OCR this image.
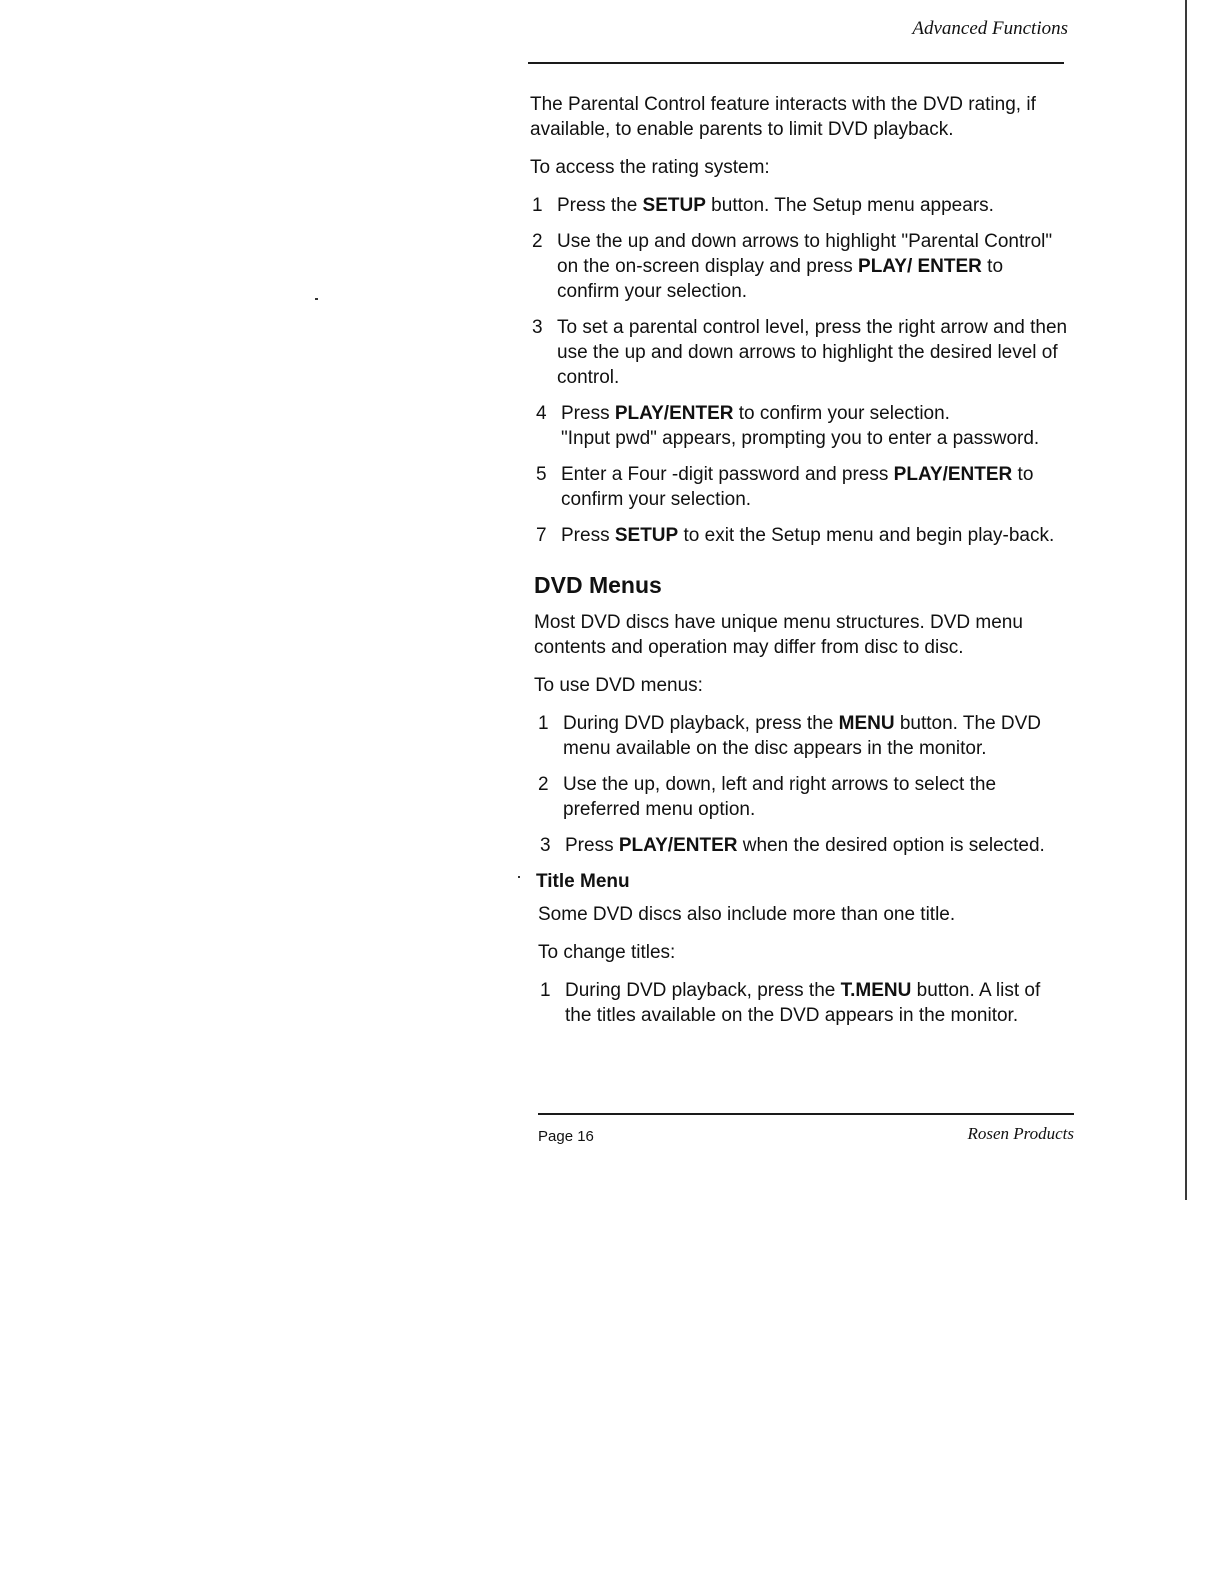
Advanced Functions

The Parental Control feature interacts with the DVD rating, if available, to enable parents to limit DVD playback.

To access the rating system:

1 Press the SETUP button. The Setup menu appears.
2 Use the up and down arrows to highlight "Parental Control" on the on-screen display and press PLAY/ ENTER to confirm your selection.
3 To set a parental control level, press the right arrow and then use the up and down arrows to highlight the desired level of control.
4 Press PLAY/ENTER to confirm your selection.
"Input pwd" appears, prompting you to enter a password.
5 Enter a Four -digit password and press PLAY/ENTER to confirm your selection.
7 Press SETUP to exit the Setup menu and begin play-back.
DVD Menus

Most DVD discs have unique menu structures. DVD menu contents and operation may differ from disc to disc.

To use DVD menus:

1 During DVD playback, press the MENU button. The DVD menu available on the disc appears in the monitor.
2 Use the up, down, left and right arrows to select the preferred menu option.
3 Press PLAY/ENTER when the desired option is selected.
Title Menu

Some DVD discs also include more than one title.

To change titles:

1 During DVD playback, press the T.MENU button. A list of the titles available on the DVD appears in the monitor.
Page 16	Rosen Products
